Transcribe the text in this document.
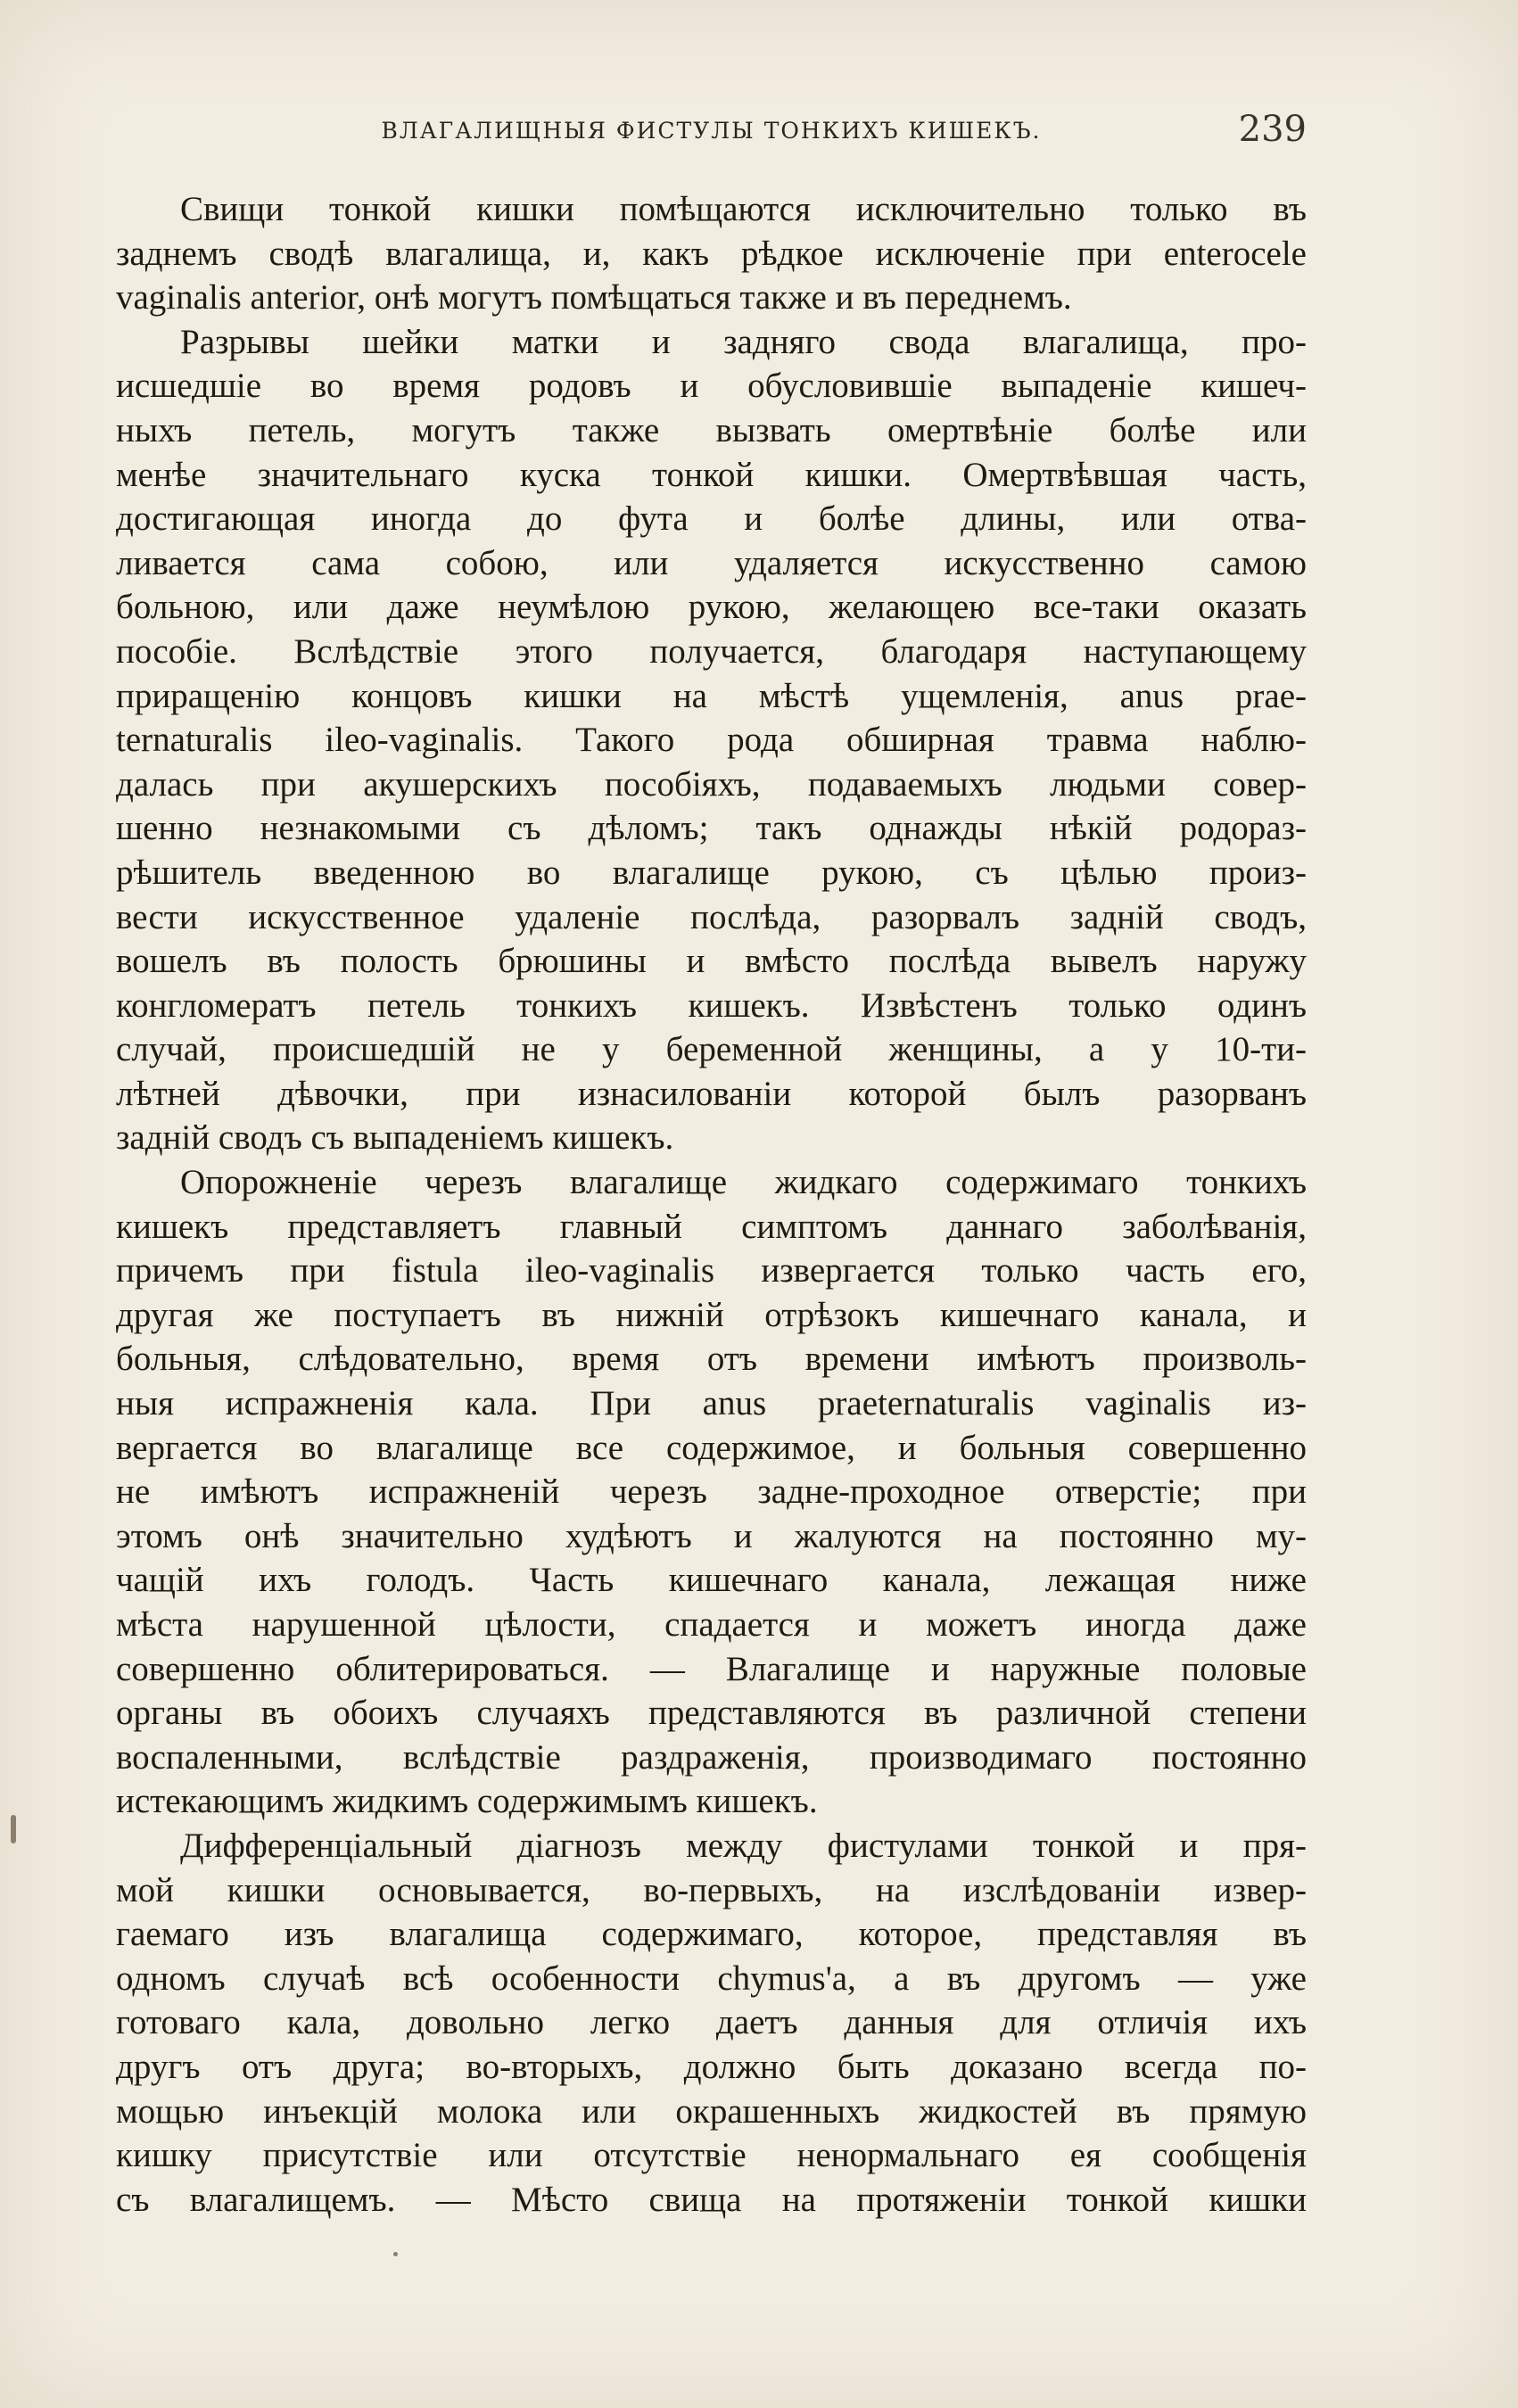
ВЛАГАЛИЩНЫЯ ФИСТУЛЫ ТОНКИХЪ КИШЕКЪ.	239

Свищи тонкой кишки помѣщаются исключительно только въ

заднемъ сводѣ влагалища, и, какъ рѣдкое исключеніе при enterocele

vaginalis anterior, онѣ могутъ помѣщаться также и въ переднемъ.

Разрывы шейки матки и задняго свода влагалища, про-

исшедшіе во время родовъ и обусловившіе выпаденіе кишеч-

ныхъ петель, могутъ также вызвать омертвѣніе болѣе или

менѣе значительнаго куска тонкой кишки. Омертвѣвшая часть,

достигающая иногда до фута и болѣе длины, или отва-

ливается сама собою, или удаляется искусственно самою

больною, или даже неумѣлою рукою, желающею все-таки оказать

пособіе. Вслѣдствіе этого получается, благодаря наступающему

приращенію концовъ кишки на мѣстѣ ущемленія, anus prae-

ternaturalis ileo-vaginalis. Такого рода обширная травма наблю-

далась при акушерскихъ пособіяхъ, подаваемыхъ людьми совер-

шенно незнакомыми съ дѣломъ; такъ однажды нѣкій родораз-

рѣшитель введенною во влагалище рукою, съ цѣлью произ-

вести искусственное удаленіе послѣда, разорвалъ задній сводъ,

вошелъ въ полость брюшины и вмѣсто послѣда вывелъ наружу

конгломератъ петель тонкихъ кишекъ. Извѣстенъ только одинъ

случай, происшедшій не у беременной женщины, а у 10-ти-

лѣтней дѣвочки, при изнасилованіи которой былъ разорванъ

задній сводъ съ выпаденіемъ кишекъ.

Опорожненіе черезъ влагалище жидкаго содержимаго тонкихъ

кишекъ представляетъ главный симптомъ даннаго заболѣванія,

причемъ при fistula ileo-vaginalis извергается только часть его,

другая же поступаетъ въ нижній отрѣзокъ кишечнаго канала, и

больныя, слѣдовательно, время отъ времени имѣютъ произволь-

ныя испражненія кала. При anus praeternaturalis vaginalis из-

вергается во влагалище все содержимое, и больныя совершенно

не имѣютъ испражненій черезъ задне-проходное отверстіе; при

этомъ онѣ значительно худѣютъ и жалуются на постоянно му-

чащій ихъ голодъ. Часть кишечнаго канала, лежащая ниже

мѣста нарушенной цѣлости, спадается и можетъ иногда даже

совершенно облитерироваться. — Влагалище и наружные половые

органы въ обоихъ случаяхъ представляются въ различной степени

воспаленными, вслѣдствіе раздраженія, производимаго постоянно

истекающимъ жидкимъ содержимымъ кишекъ.

Дифференціальный діагнозъ между фистулами тонкой и пря-

мой кишки основывается, во-первыхъ, на изслѣдованіи извер-

гаемаго изъ влагалища содержимаго, которое, представляя въ

одномъ случаѣ всѣ особенности chymus'а, а въ другомъ — уже

готоваго кала, довольно легко даетъ данныя для отличія ихъ

другъ отъ друга; во-вторыхъ, должно быть доказано всегда по-

мощью инъекцій молока или окрашенныхъ жидкостей въ прямую

кишку присутствіе или отсутствіе ненормальнаго ея сообщенія

съ влагалищемъ. — Мѣсто свища на протяженіи тонкой кишки
